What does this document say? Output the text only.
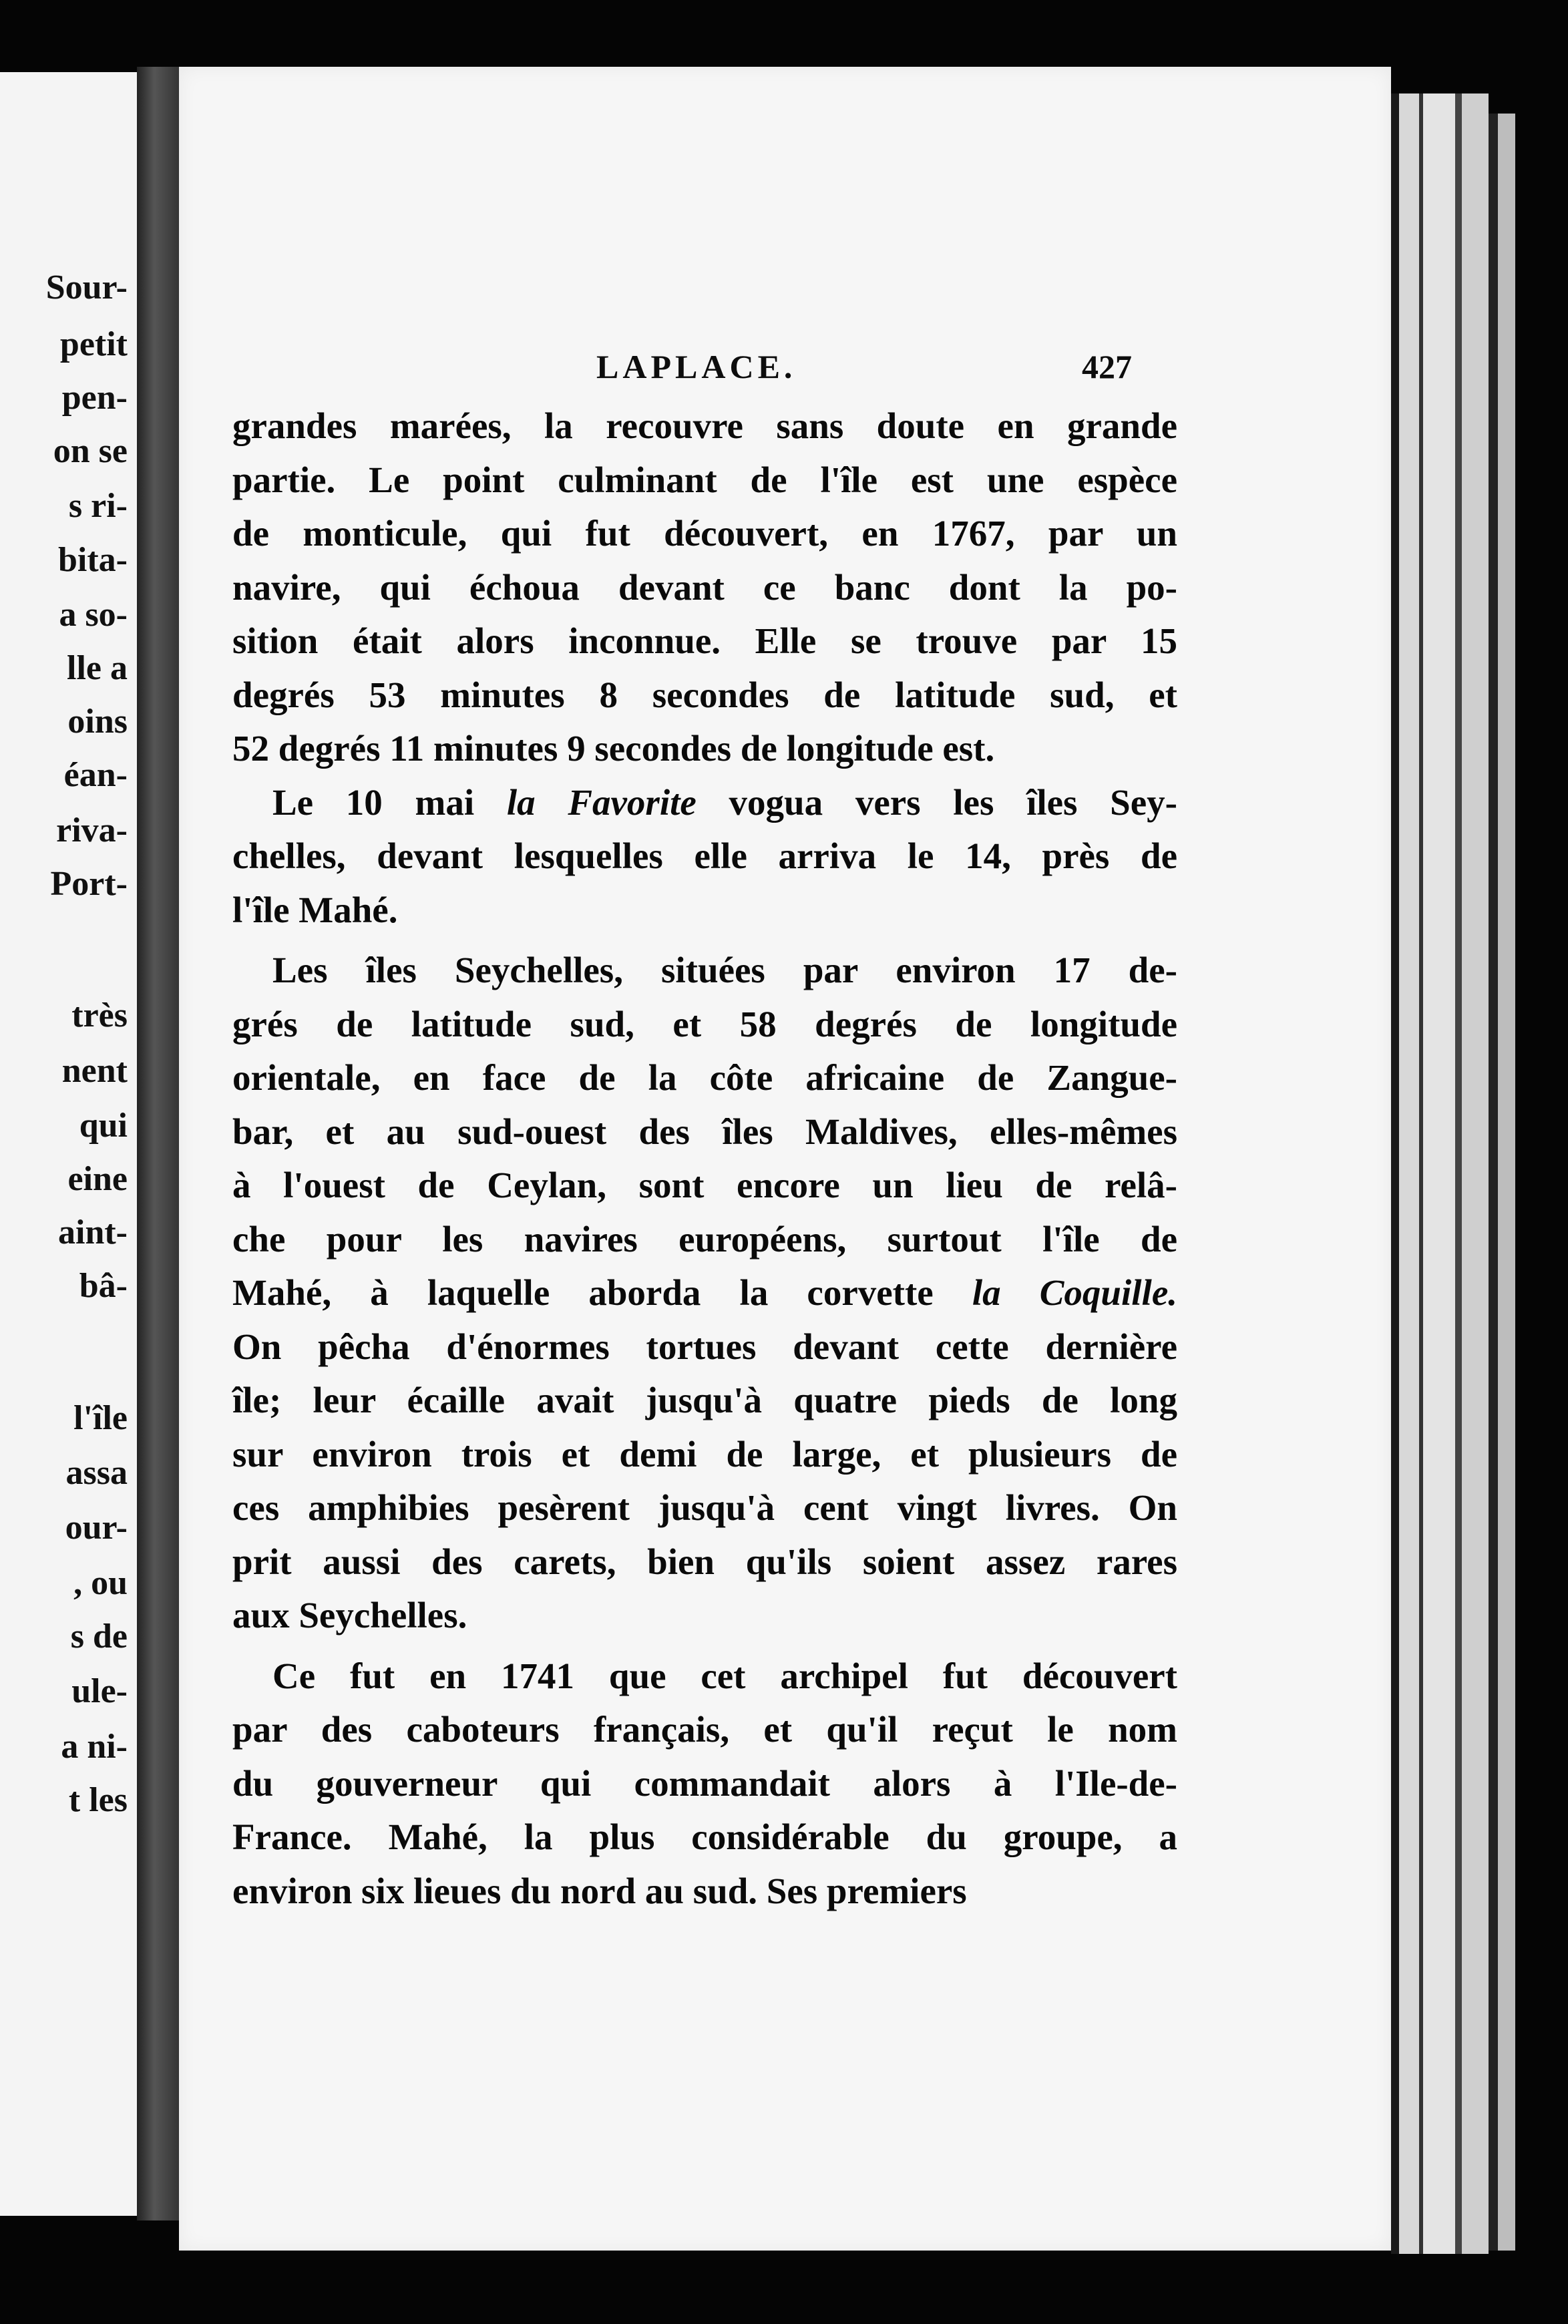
Sour-
petit
pen-
on se
s ri-
bita-
a so-
lle a
oins
éan-
riva-
Port-
très
nent
qui
eine
aint-
bâ-
l'île
assa
our-
, ou
s de
ule-
a ni-
t les
LAPLACE.	427
grandes marées, la recouvre sans doute en grande
partie. Le point culminant de l'île est une espèce
de monticule, qui fut découvert, en 1767, par un
navire, qui échoua devant ce banc dont la po-
sition était alors inconnue. Elle se trouve par 15
degrés 53 minutes 8 secondes de latitude sud, et
52 degrés 11 minutes 9 secondes de longitude est.
Le 10 mai la Favorite vogua vers les îles Sey-
chelles, devant lesquelles elle arriva le 14, près de
l'île Mahé.
Les îles Seychelles, situées par environ 17 de-
grés de latitude sud, et 58 degrés de longitude
orientale, en face de la côte africaine de Zangue-
bar, et au sud-ouest des îles Maldives, elles-mêmes
à l'ouest de Ceylan, sont encore un lieu de relâ-
che pour les navires européens, surtout l'île de
Mahé, à laquelle aborda la corvette la Coquille.
On pêcha d'énormes tortues devant cette dernière
île; leur écaille avait jusqu'à quatre pieds de long
sur environ trois et demi de large, et plusieurs de
ces amphibies pesèrent jusqu'à cent vingt livres. On
prit aussi des carets, bien qu'ils soient assez rares
aux Seychelles.
Ce fut en 1741 que cet archipel fut découvert
par des caboteurs français, et qu'il reçut le nom
du gouverneur qui commandait alors à l'Ile-de-
France. Mahé, la plus considérable du groupe, a
environ six lieues du nord au sud. Ses premiers
